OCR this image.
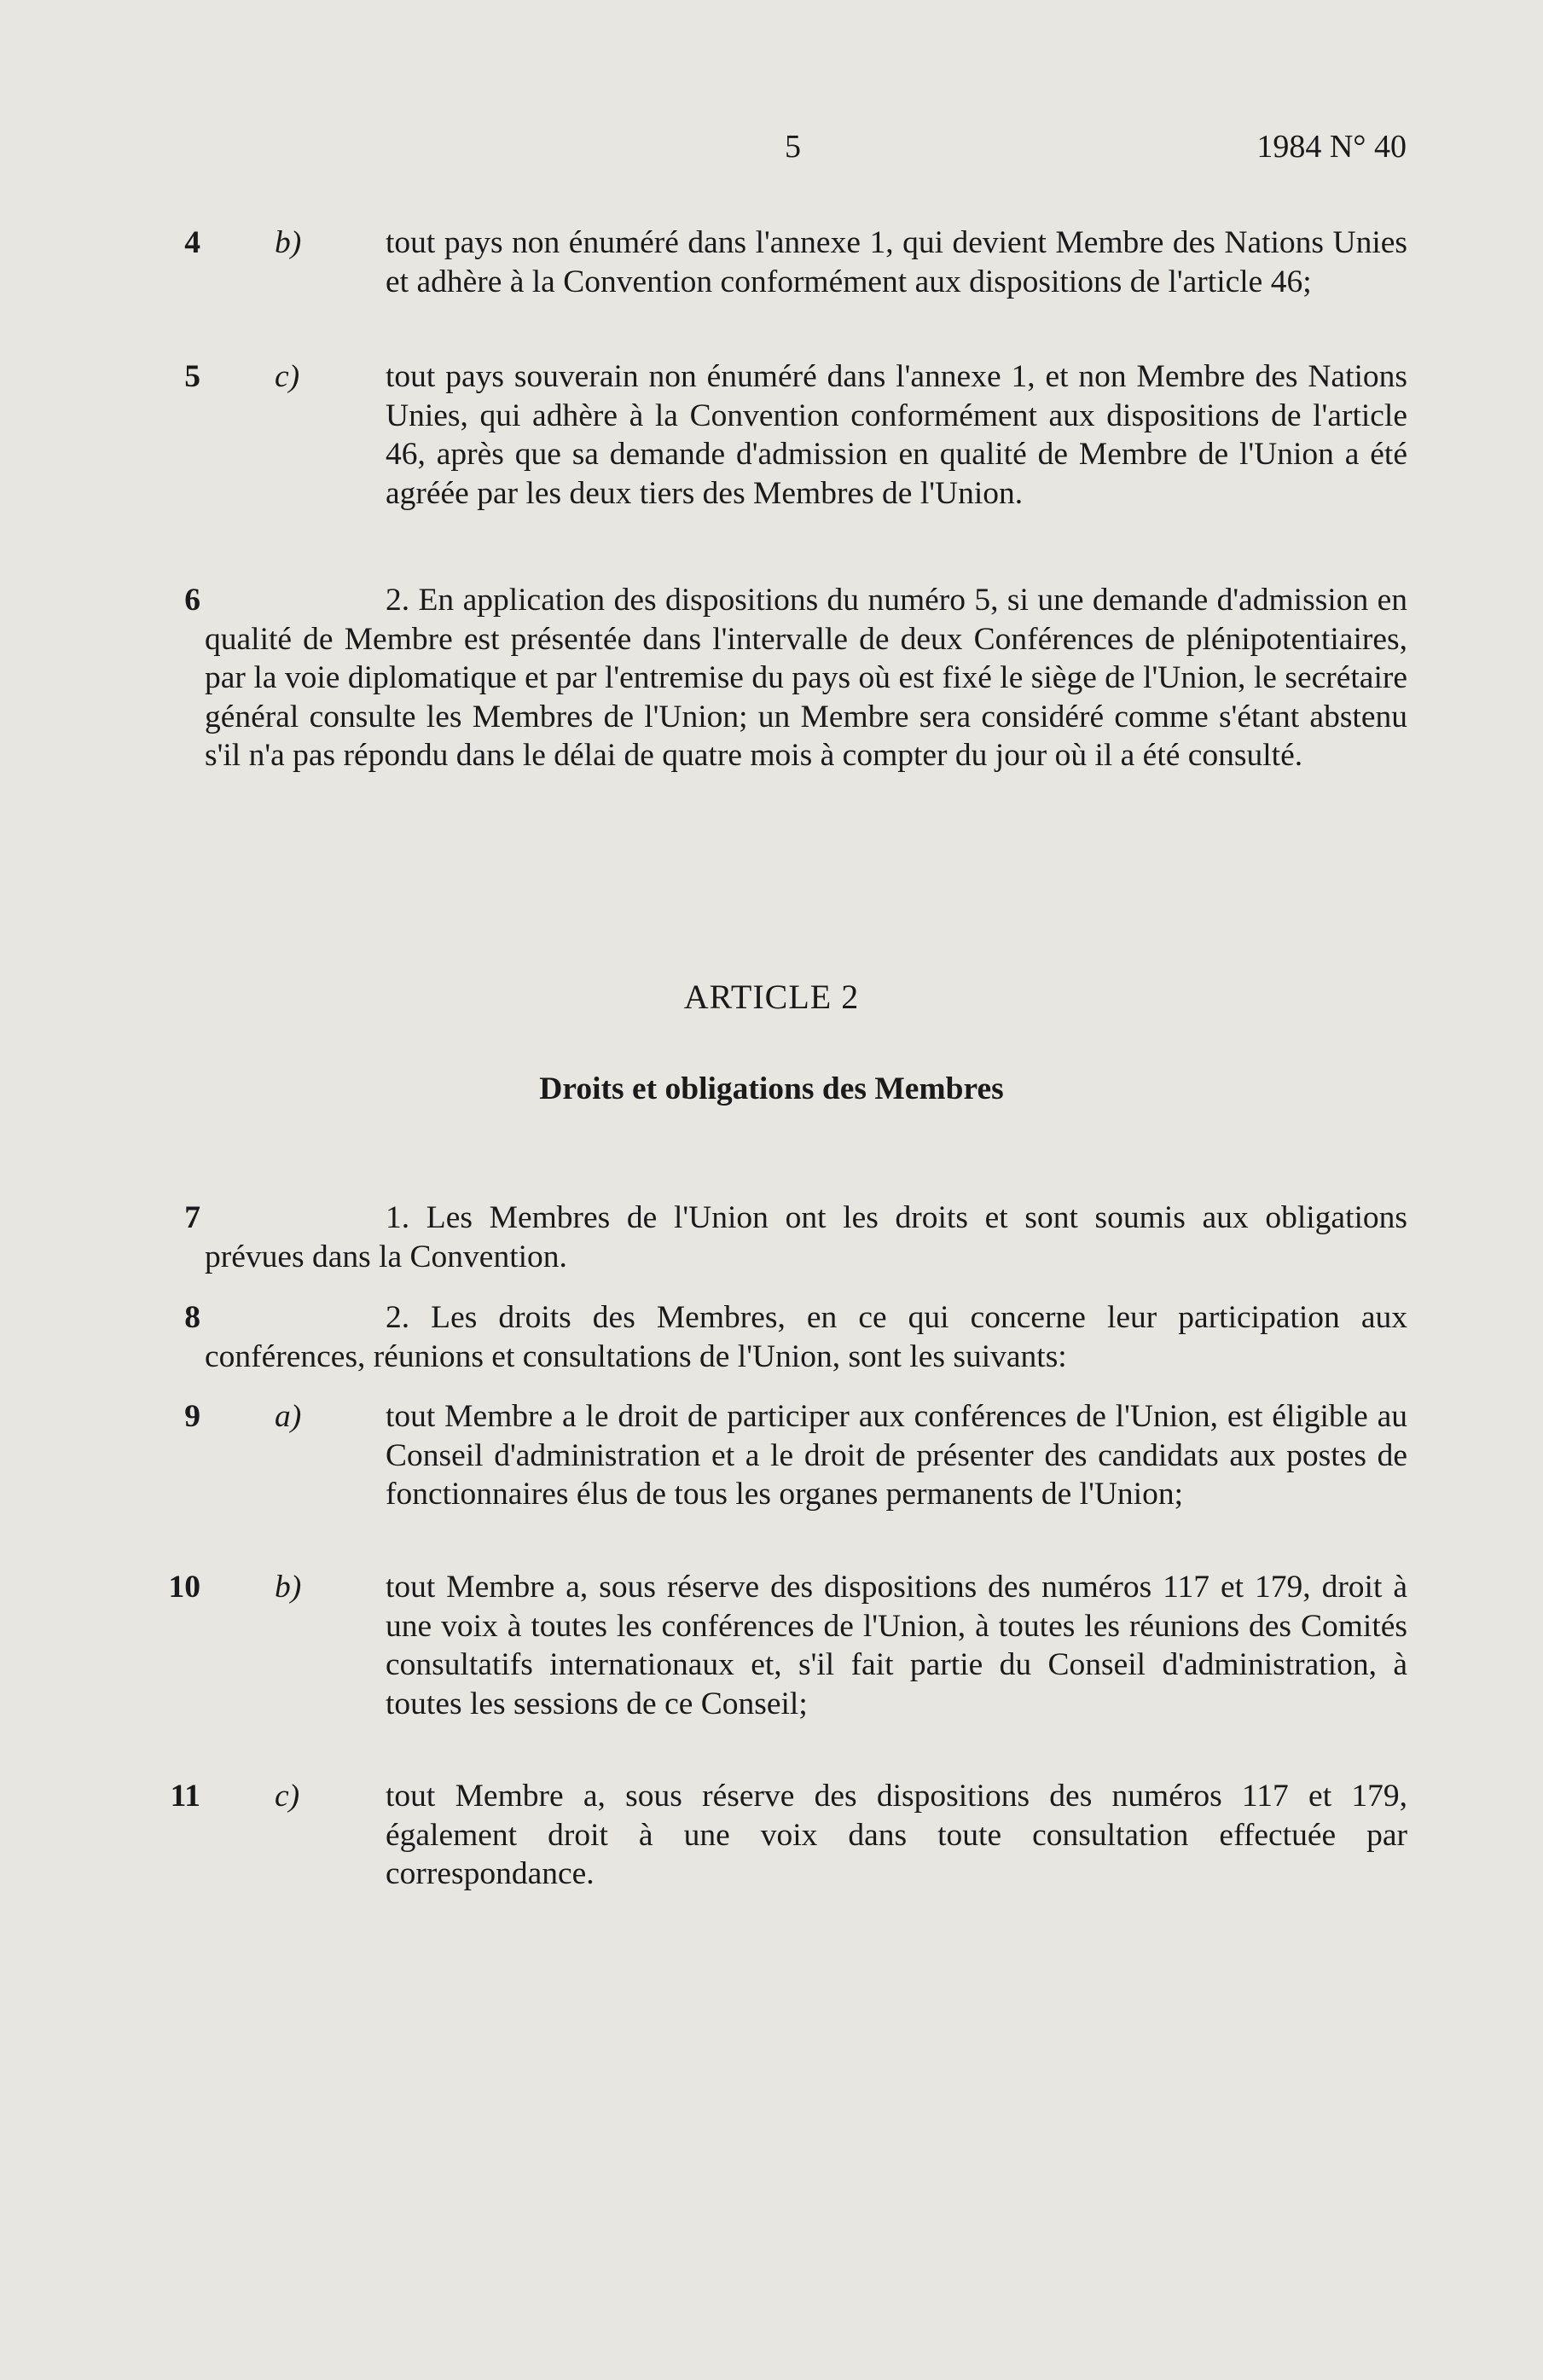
5	1984 N° 40
4 b)	tout pays non énuméré dans l'annexe 1, qui devient Membre des Nations Unies et adhère à la Convention conformément aux dispositions de l'article 46;
5 c)	tout pays souverain non énuméré dans l'annexe 1, et non Membre des Nations Unies, qui adhère à la Convention conformément aux dispositions de l'article 46, après que sa demande d'admission en qualité de Membre de l'Union a été agréée par les deux tiers des Membres de l'Union.
6	2. En application des dispositions du numéro 5, si une demande d'admission en qualité de Membre est présentée dans l'intervalle de deux Conférences de plénipotentiaires, par la voie diplomatique et par l'entremise du pays où est fixé le siège de l'Union, le secrétaire général consulte les Membres de l'Union; un Membre sera considéré comme s'étant abstenu s'il n'a pas répondu dans le délai de quatre mois à compter du jour où il a été consulté.
ARTICLE 2
Droits et obligations des Membres
7	1. Les Membres de l'Union ont les droits et sont soumis aux obligations prévues dans la Convention.
8	2. Les droits des Membres, en ce qui concerne leur participation aux conférences, réunions et consultations de l'Union, sont les suivants:
9 a)	tout Membre a le droit de participer aux conférences de l'Union, est éligible au Conseil d'administration et a le droit de présenter des candidats aux postes de fonctionnaires élus de tous les organes permanents de l'Union;
10 b)	tout Membre a, sous réserve des dispositions des numéros 117 et 179, droit à une voix à toutes les conférences de l'Union, à toutes les réunions des Comités consultatifs internationaux et, s'il fait partie du Conseil d'administration, à toutes les sessions de ce Conseil;
11 c)	tout Membre a, sous réserve des dispositions des numéros 117 et 179, également droit à une voix dans toute consultation effectuée par correspondance.
